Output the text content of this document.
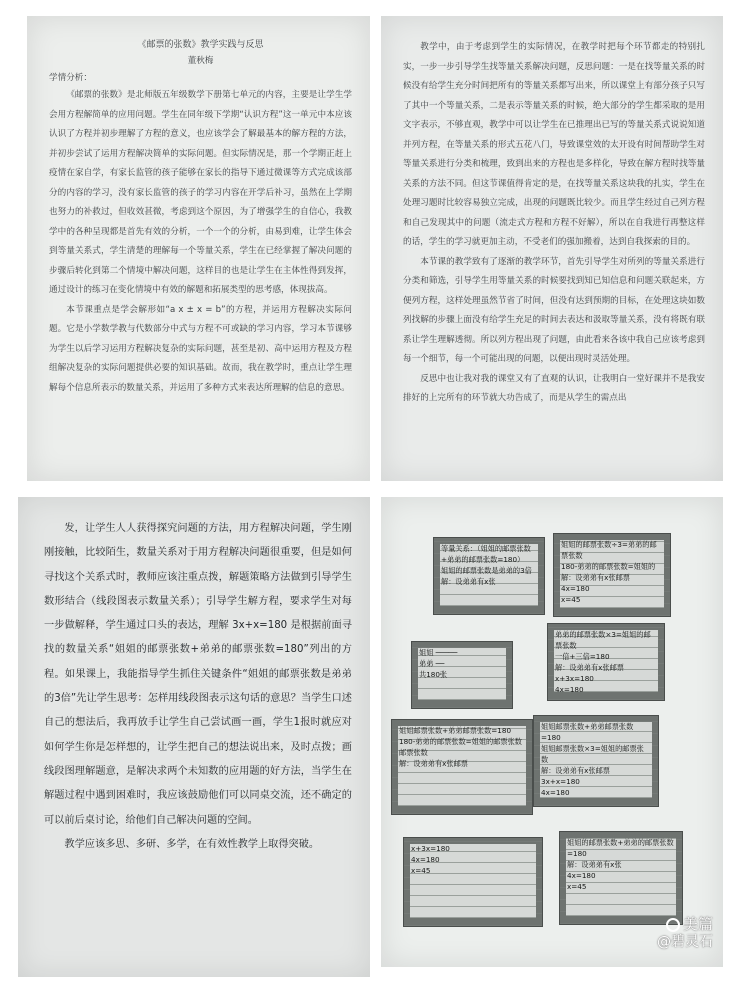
《邮票的张数》教学实践与反思
董秋梅
学情分析：

《邮票的张数》是北师版五年级数学下册第七单元的内容，主要是让学生学会用方程解简单的应用问题。学生在同年级下学期“认识方程”这一单元中本应该认识了方程并初步理解了方程的意义，也应该学会了解最基本的解方程的方法，并初步尝试了运用方程解决简单的实际问题。但实际情况是，那一个学期正赶上疫情在家自学，有家长监管的孩子能够在家长的指导下通过微课等方式完成该部分的内容的学习，没有家长监管的孩子的学习内容在开学后补习，虽然在上学期也努力的补救过，但收效甚微，考虑到这个原因，为了增强学生的自信心，我教学中的各种呈现都是首先有效的分析，一个一个的分析，由易到难，让学生体会到等量关系式，学生清楚的理解每一个等量关系，学生在已经掌握了解决问题的步骤后转化到第二个情境中解决问题，这样目的也是让学生在主体性得到发挥，通过设计的练习在变化情境中有效的解题和拓展类型的思考感，体现拔高。

本节课重点是学会解形如“a x ± x = b”的方程，并运用方程解决实际问题。它是小学数学教与代数部分中式与方程不可或缺的学习内容，学习本节课够为学生以后学习运用方程解决复杂的实际问题，甚至是初、高中运用方程及方程组解决复杂的实际问题提供必要的知识基础。故而，我在教学时，重点让学生理解每个信息所表示的数量关系，并运用了多种方式来表达所理解的信息的意思。

教学中，由于考虑到学生的实际情况，在教学时把每个环节都走的特别扎实，一步一步引导学生找等量关系解决问题，反思问题：一是在找等量关系的时候没有给学生充分时间把所有的等量关系都写出来，所以课堂上有部分孩子只写了其中一个等量关系，二是表示等量关系的时候，绝大部分的学生都采取的是用文字表示，不够直观，教学中可以让学生在已推理出已写的等量关系式说说知道并列方程，在等量关系的形式五花八门，导致课堂效的太开设有时间帮助学生对等量关系进行分类和梳理，致到出来的方程也是多样化，导致在解方程时找等量关系的方法不同。但这节课值得肯定的是，在找等量关系这块我的扎实，学生在处理习题时比较容易独立完成，出现的问题既比较少。而且学生经过自己列方程和自己发现其中的问题（流走式方程和方程不好解），所以在自我进行再整这样的话，学生的学习就更加主动，不受老们的强加搬着，达到自我探索的目的。

本节课的教学致有了逐渐的教学环节，首先引导学生对所列的等量关系进行分类和筛选，引导学生用等量关系的时候要找到知已知信息和问题关联起来，方便列方程，这样处理虽然节省了时间，但没有达到预期的目标，在处理这块如数列找解的步骤上面没有给学生充足的时间去表达和汲取等量关系，没有将既有联系让学生理解透彻。所以列方程出现了问题，由此看来各该中我自己应该考虑到每一个细节，每一个可能出现的问题，以便出现时灵活处理。

反思中也让我对我的课堂又有了直观的认识，让我明白一堂好课并不是我安排好的上完所有的环节就大功告成了，而是从学生的需点出

发，让学生人人获得探究问题的方法，用方程解决问题，学生刚刚接触，比较陌生，数量关系对于用方程解决问题很重要，但是如何寻找这个关系式时，教师应该注重点拨，解题策略方法做到引导学生数形结合（线段图表示数量关系）；引导学生解方程，要求学生对每一步做解释，学生通过口头的表达，理解 3x+x=180 是根据前面寻找的数量关系“姐姐的邮票张数+弟弟的邮票张数=180”列出的方程。如果课上，我能指导学生抓住关键条件“姐姐的邮票张数是弟弟的3倍”先让学生思考：怎样用线段图表示这句话的意思？当学生口述自己的想法后，我再放手让学生自己尝试画一画，学生1报时就应对如何学生你是怎样想的，让学生把自己的想法说出来，及时点拨；画线段图理解题意，是解决求两个未知数的应用题的好方法，当学生在解题过程中遇到困难时，我应该鼓励他们可以同桌交流，还不确定的可以前后桌讨论，给他们自己解决问题的空间。

教学应该多思、多研、多学，在有效性教学上取得突破。

等量关系：（姐姐的邮票张数+弟弟的邮票张数=180）
姐姐的邮票张数是弟弟的3倍
解：设弟弟有x张
姐姐的邮票张数÷3=弟弟的邮票张数
180-弟弟的邮票张数=姐姐的
解：设弟弟有x张邮票
4x=180
x=45
姐姐 ─────
弟弟 ──
共180张
弟弟的邮票张数×3=姐姐的邮票张数
一倍+三倍=180
解：设弟弟有x张邮票
x+3x=180
4x=180
姐姐邮票张数+弟弟邮票张数=180
180-弟弟的邮票张数=姐姐的邮票张数
邮票张数
解：设弟弟有x张邮票
姐姐邮票张数+弟弟邮票张数=180
姐姐邮票张数×3=姐姐的邮票张数
解：设弟弟有x张邮票
3x+x=180
4x=180
x+3x=180
4x=180
x=45
姐姐的邮票张数+弟弟的邮票张数=180
解：设弟弟有x张
4x=180
x=45
美篇
@碧灵石
